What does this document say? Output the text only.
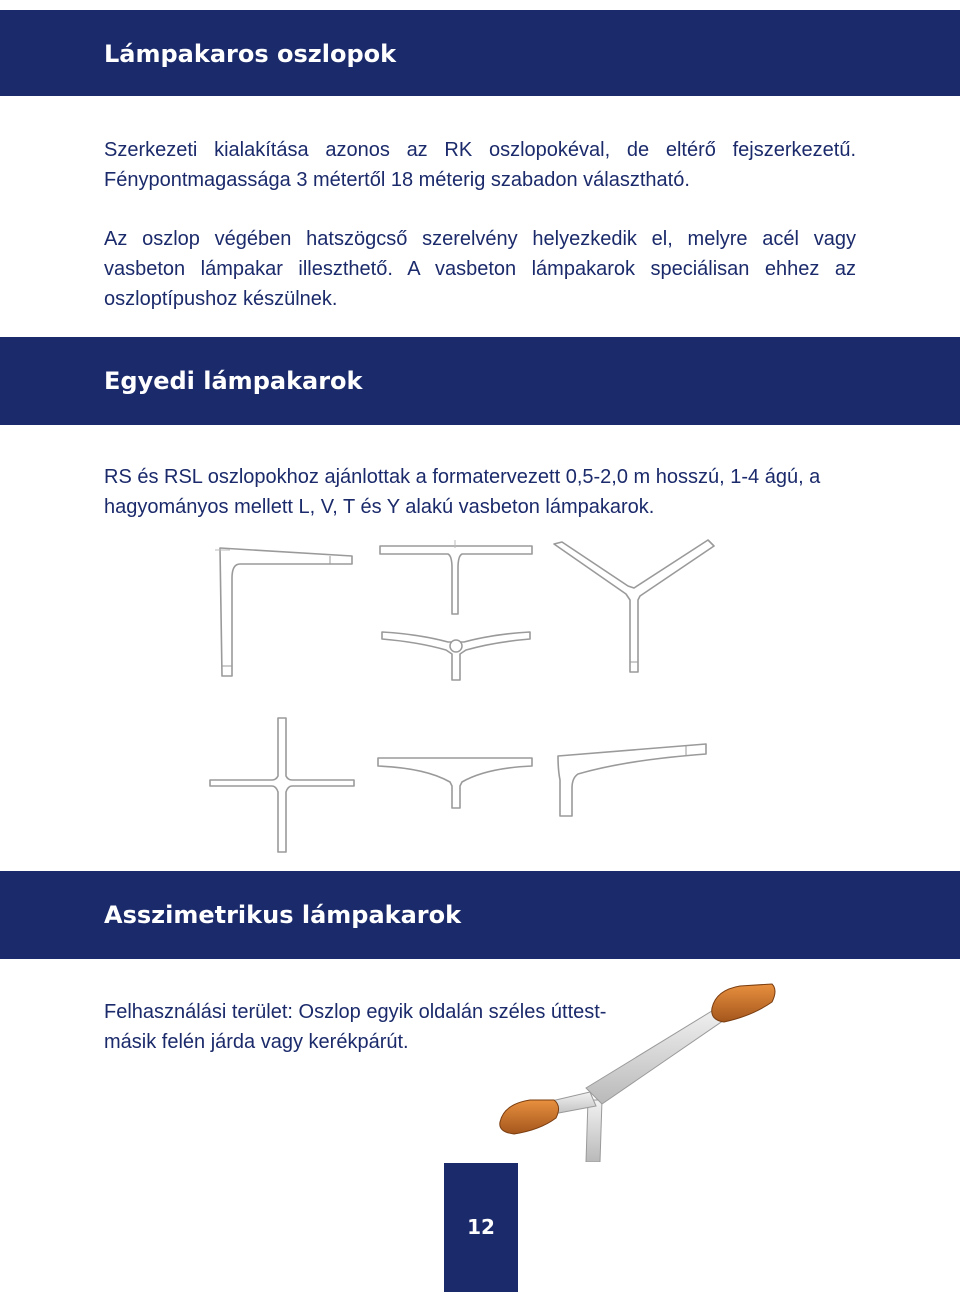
Lámpakaros oszlopok

Szerkezeti kialakítása azonos az RK oszlopokéval, de eltérő fejszerkezetű. Fénypontmagassága 3 métertől 18 méterig szabadon választható.

Az oszlop végében hatszögcső szerelvény helyezkedik el, melyre acél vagy vasbeton lámpakar illeszthető. A vasbeton lámpakarok speciálisan ehhez az oszloptípushoz készülnek.

Egyedi lámpakarok

RS és RSL oszlopokhoz ajánlottak a formatervezett 0,5-2,0 m hosszú, 1-4 ágú, a hagyományos mellett L, V, T és Y alakú vasbeton lámpakarok.

Asszimetrikus lámpakarok

Felhasználási terület: Oszlop egyik oldalán széles úttest-másik felén járda vagy kerékpárút.

12
